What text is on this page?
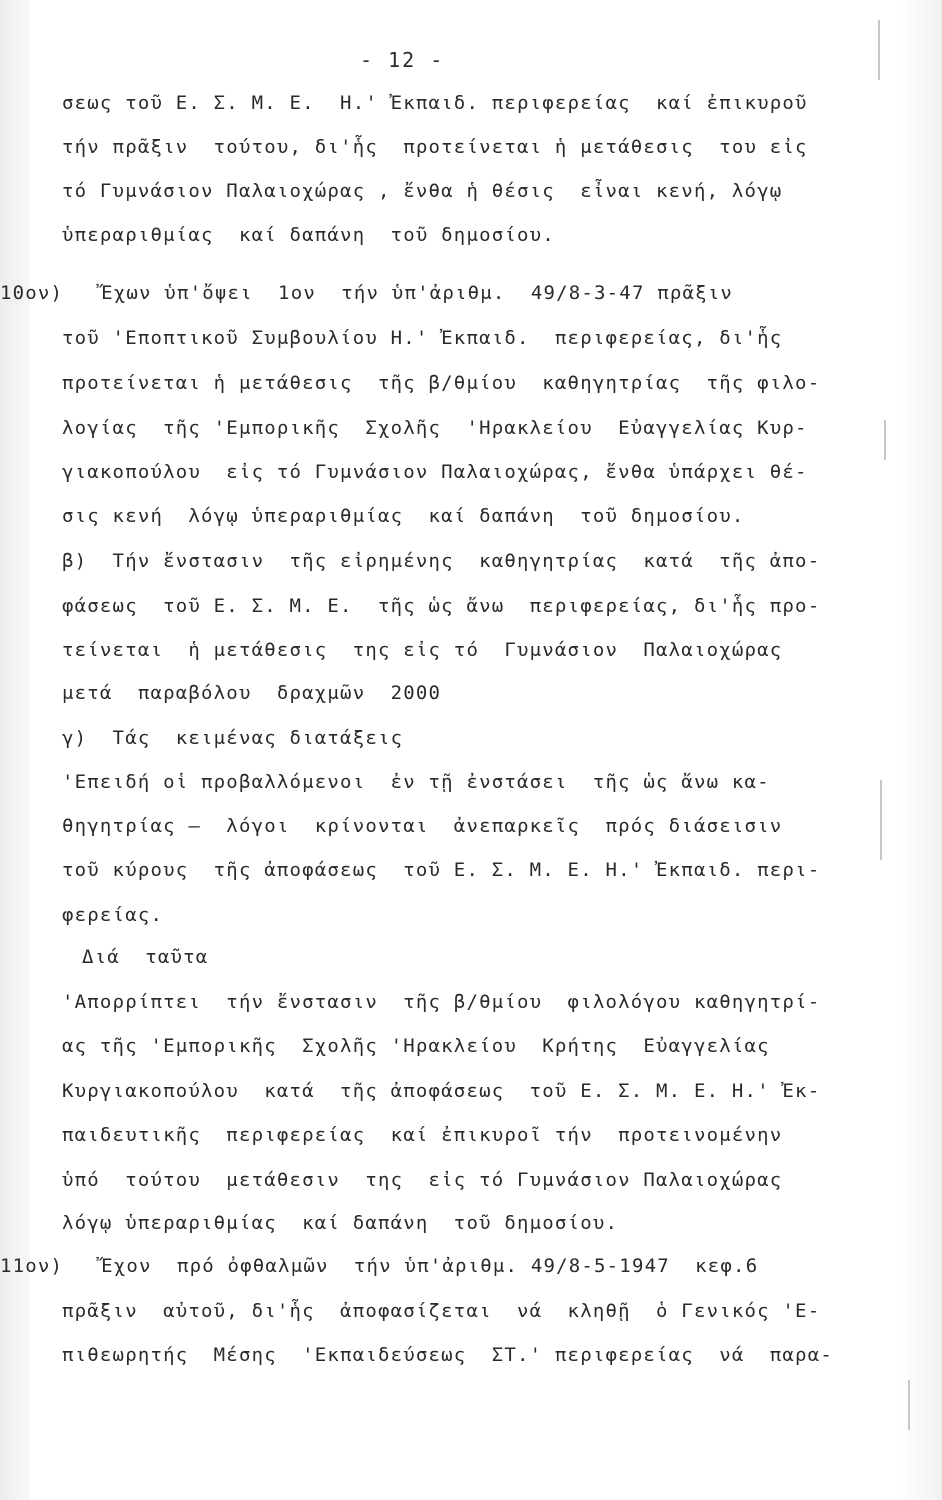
- 12 -
σεως τοῦ Ε. Σ. Μ. Ε.  Η.' Ἐκπαιδ. περιφερείας  καί ἐπικυροῦ
τήν πρᾶξιν  τούτου, δι'ἧς  προτείνεται ἡ μετάθεσις  του εἰς
τό Γυμνάσιον Παλαιοχώρας , ἔνθα ἡ θέσις  εἶναι κενή, λόγῳ
ὑπεραριθμίας  καί δαπάνη  τοῦ δημοσίου.
10ον)   Ἔχων ὑπ'ὄψει  1ον  τήν ὑπ'ἀριθμ.  49/8-3-47 πρᾶξιν
τοῦ 'Εποπτικοῦ Συμβουλίου Η.' Ἐκπαιδ.  περιφερείας, δι'ἧς
προτείνεται ἡ μετάθεσις  τῆς β/θμίου  καθηγητρίας  τῆς φιλο-
λογίας  τῆς 'Εμπορικῆς  Σχολῆς  'Ηρακλείου  Εὐαγγελίας Κυρ-
γιακοπούλου  εἰς τό Γυμνάσιον Παλαιοχώρας, ἔνθα ὑπάρχει θέ-
σις κενή  λόγῳ ὑπεραριθμίας  καί δαπάνη  τοῦ δημοσίου.
β)  Τήν ἔνστασιν  τῆς εἰρημένης  καθηγητρίας  κατά  τῆς ἀπο-
φάσεως  τοῦ Ε. Σ. Μ. Ε.  τῆς ὡς ἄνω  περιφερείας, δι'ἧς προ-
τείνεται  ἡ μετάθεσις  της εἰς τό  Γυμνάσιον  Παλαιοχώρας
μετά  παραβόλου  δραχμῶν  2000
γ)  Τάς  κειμένας διατάξεις
'Επειδή οἱ προβαλλόμενοι  ἐν τῇ ἐνστάσει  τῆς ὡς ἄνω κα-
θηγητρίας —  λόγοι  κρίνονται  ἀνεπαρκεῖς  πρός διάσεισιν
τοῦ κύρους  τῆς ἀποφάσεως  τοῦ Ε. Σ. Μ. Ε. Η.' Ἐκπαιδ. περι-
φερείας.
Διά  ταῦτα
'Απορρίπτει  τήν ἔνστασιν  τῆς β/θμίου  φιλολόγου καθηγητρί-
ας τῆς 'Εμπορικῆς  Σχολῆς 'Ηρακλείου  Κρήτης  Εὐαγγελίας
Κυργιακοπούλου  κατά  τῆς ἀποφάσεως  τοῦ Ε. Σ. Μ. Ε. Η.' Ἐκ-
παιδευτικῆς  περιφερείας  καί ἐπικυροῖ τήν  προτεινομένην
ὑπό  τούτου  μετάθεσιν  της  εἰς τό Γυμνάσιον Παλαιοχώρας
λόγῳ ὑπεραριθμίας  καί δαπάνη  τοῦ δημοσίου.
11ον)   Ἔχον  πρό ὀφθαλμῶν  τήν ὑπ'ἀριθμ. 49/8-5-1947  κεφ.6
πρᾶξιν  αὐτοῦ, δι'ἧς  ἀποφασίζεται  νά  κληθῇ  ὁ Γενικός 'Ε-
πιθεωρητής  Μέσης  'Εκπαιδεύσεως  ΣΤ.' περιφερείας  νά  παρα-
